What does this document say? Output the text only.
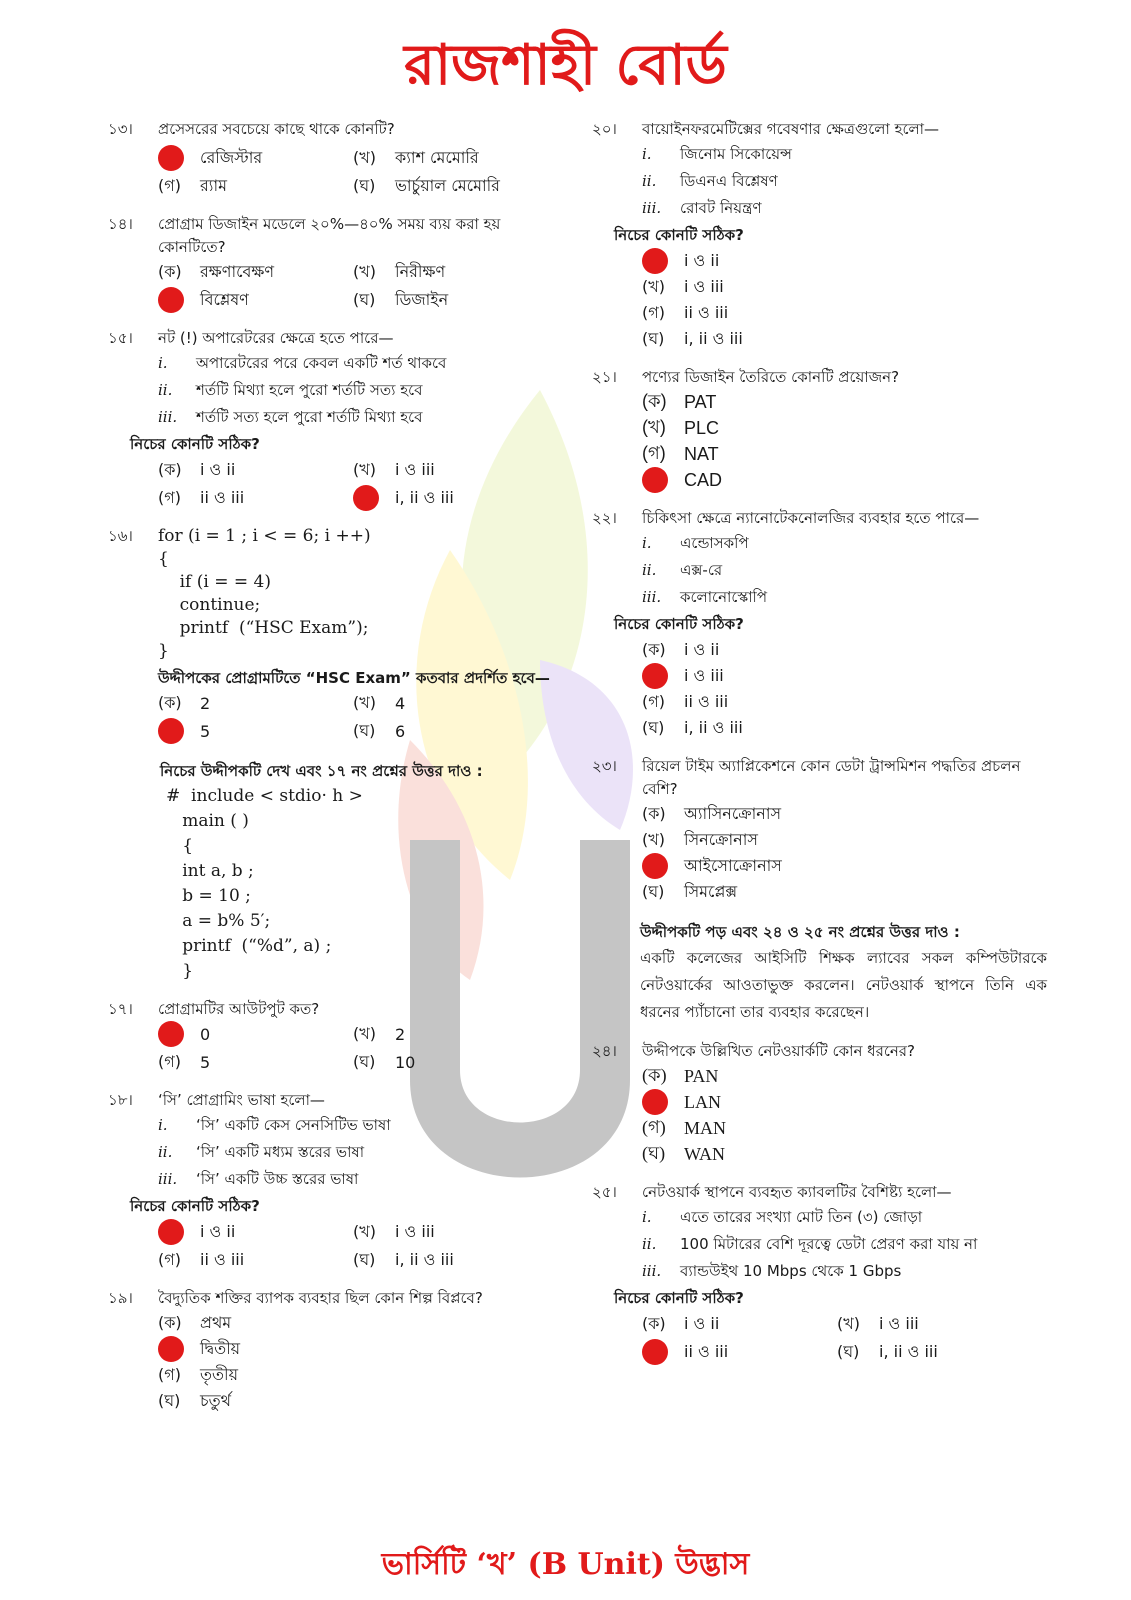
রাজশাহী বোর্ড
১৩।	প্রসেসরের সবচেয়ে কাছে থাকে কোনটি?
রেজিস্টার	(খ)	ক্যাশ মেমোরি
(গ)	র‍্যাম	(ঘ)	ভার্চুয়াল মেমোরি
১৪।	প্রোগ্রাম ডিজাইন মডেলে ২০%—৪০% সময় ব্যয় করা হয় কোনটিতে?
(ক)	রক্ষণাবেক্ষণ	(খ)	নিরীক্ষণ
বিশ্লেষণ	(ঘ)	ডিজাইন
১৫।	নট (!) অপারেটরের ক্ষেত্রে হতে পারে—
i.	অপারেটরের পরে কেবল একটি শর্ত থাকবে
ii.	শর্তটি মিথ্যা হলে পুরো শর্তটি সত্য হবে
iii.	শর্তটি সত্য হলে পুরো শর্তটি মিথ্যা হবে
নিচের কোনটি সঠিক?
(ক)	i ও ii	(খ)	i ও iii
(গ)	ii ও iii	i, ii ও iii
১৬।	for (i = 1 ; i < = 6; i ++)
{
if (i = = 4)
continue;
printf  (“HSC Exam”);
}
উদ্দীপকের প্রোগ্রামটিতে “HSC Exam” কতবার প্রদর্শিত হবে—
(ক)	2	(খ)	4
5	(ঘ)	6
নিচের উদ্দীপকটি দেখ এবং ১৭ নং প্রশ্নের উত্তর দাও :
#  include < stdio· h >
main ( )
{
int a, b ;
b = 10 ;
a = b% 5′;
printf  (“%d”, a) ;
}
১৭।	প্রোগ্রামটির আউটপুট কত?
0	(খ)	2
(গ)	5	(ঘ)	10
১৮।	‘সি’ প্রোগ্রামিং ভাষা হলো—
i.	‘সি’ একটি কেস সেনসিটিভ ভাষা
ii.	‘সি’ একটি মধ্যম স্তরের ভাষা
iii.	‘সি’ একটি উচ্চ স্তরের ভাষা
নিচের কোনটি সঠিক?
i ও ii	(খ)	i ও iii
(গ)	ii ও iii	(ঘ)	i, ii ও iii
১৯।	বৈদ্যুতিক শক্তির ব্যাপক ব্যবহার ছিল কোন শিল্প বিপ্লবে?
(ক)	প্রথম
দ্বিতীয়
(গ)	তৃতীয়
(ঘ)	চতুর্থ
২০।	বায়োইনফরমেটিক্সের গবেষণার ক্ষেত্রগুলো হলো—
i.	জিনোম সিকোয়েন্স
ii.	ডিএনএ বিশ্লেষণ
iii.	রোবট নিয়ন্ত্রণ
নিচের কোনটি সঠিক?
i ও ii
(খ)	i ও iii
(গ)	ii ও iii
(ঘ)	i, ii ও iii
২১।	পণ্যের ডিজাইন তৈরিতে কোনটি প্রয়োজন?
(ক) PAT
(খ)	PLC
(গ)	NAT
CAD
২২।	চিকিৎসা ক্ষেত্রে ন্যানোটেকনোলজির ব্যবহার হতে পারে—
i.	এন্ডোসকপি
ii.	এক্স-রে
iii.	কলোনোস্কোপি
নিচের কোনটি সঠিক?
(ক)	i ও ii
i ও iii
(গ)	ii ও iii
(ঘ)	i, ii ও iii
২৩।	রিয়েল টাইম অ্যাপ্লিকেশনে কোন ডেটা ট্রান্সমিশন পদ্ধতির প্রচলন বেশি?
(ক)	অ্যাসিনক্রোনাস
(খ)	সিনক্রোনাস
আইসোক্রোনাস
(ঘ)	সিমপ্লেক্স
উদ্দীপকটি পড় এবং ২৪ ও ২৫ নং প্রশ্নের উত্তর দাও :
একটি কলেজের আইসিটি শিক্ষক ল্যাবের সকল কম্পিউটারকে নেটওয়ার্কের আওতাভুক্ত করলেন। নেটওয়ার্ক স্থাপনে তিনি এক ধরনের প্যাঁচানো তার ব্যবহার করেছেন।
২৪।	উদ্দীপকে উল্লিখিত নেটওয়ার্কটি কোন ধরনের?
(ক) PAN
LAN
(গ)	MAN
(ঘ)	WAN
২৫।	নেটওয়ার্ক স্থাপনে ব্যবহৃত ক্যাবলটির বৈশিষ্ট্য হলো—
i.	এতে তারের সংখ্যা মোট তিন (৩) জোড়া
ii.	100 মিটারের বেশি দূরত্বে ডেটা প্রেরণ করা যায় না
iii.	ব্যান্ডউইথ 10 Mbps থেকে 1 Gbps
নিচের কোনটি সঠিক?
(ক)	i ও ii	(খ)	i ও iii
ii ও iii	(ঘ)	i, ii ও iii
ভার্সিটি ‘খ’ (B Unit) উদ্ভাস
